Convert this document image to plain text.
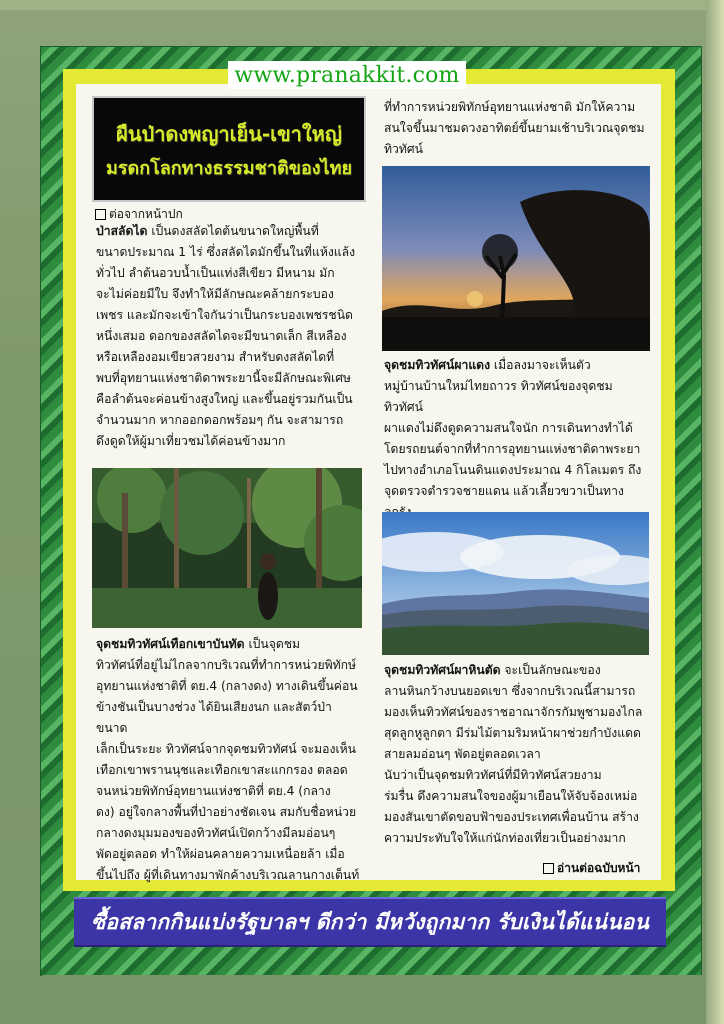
www.pranakkit.com
ผืนป่าดงพญาเย็น-เขาใหญ่
มรดกโลกทางธรรมชาติของไทย
ต่อจากหน้าปก
ป่าสลัดได เป็นดงสลัดไดต้นขนาดใหญ่พื้นที่
ขนาดประมาณ 1 ไร่ ซึ่งสลัดไดมักขึ้นในที่แห้งแล้ง
ทั่วไป ลำต้นอวบน้ำเป็นแท่งสีเขียว มีหนาม มัก
จะไม่ค่อยมีใบ จึงทำให้มีลักษณะคล้ายกระบอง
เพชร และมักจะเข้าใจกันว่าเป็นกระบองเพชรชนิด
หนึ่งเสมอ ดอกของสลัดไดจะมีขนาดเล็ก สีเหลือง
หรือเหลืองอมเขียวสวยงาม สำหรับดงสลัดไดที่
พบที่อุทยานแห่งชาติดาพระยานี้จะมีลักษณะพิเศษ
คือลำต้นจะค่อนข้างสูงใหญ่ และขึ้นอยู่รวมกันเป็น
จำนวนมาก หากออกดอกพร้อมๆ กัน จะสามารถ
ดึงดูดให้ผู้มาเที่ยวชมได้ค่อนข้างมาก
จุดชมทิวทัศน์เทือกเขาบันทัด เป็นจุดชม
ทิวทัศน์ที่อยู่ไม่ไกลจากบริเวณที่ทำการหน่วยพิทักษ์
อุทยานแห่งชาติที่ ตย.4 (กลางดง) ทางเดินขึ้นค่อน
ข้างชันเป็นบางช่วง ได้ยินเสียงนก และสัตว์ป่าขนาด
เล็กเป็นระยะ ทิวทัศน์จากจุดชมทิวทัศน์ จะมองเห็น
เทือกเขาพรานนุชและเทือกเขาสะแกกรอง ตลอด
จนหน่วยพิทักษ์อุทยานแห่งชาติที่ ตย.4 (กลาง
ดง) อยู่ใจกลางพื้นที่ป่าอย่างชัดเจน สมกับชื่อหน่วย
กลางดงมุมมองของทิวทัศน์เปิดกว้างมีลมอ่อนๆ
พัดอยู่ตลอด ทำให้ผ่อนคลายความเหนื่อยล้า เมื่อ
ขึ้นไปถึง ผู้ที่เดินทางมาพักค้างบริเวณลานกางเต็นท์
ที่ทำการหน่วยพิทักษ์อุทยานแห่งชาติ มักให้ความ
สนใจขึ้นมาชมดวงอาทิตย์ขึ้นยามเช้าบริเวณจุดชม
ทิวทัศน์
จุดชมทิวทัศน์ผาแดง เมื่อลงมาจะเห็นตัว
หมู่บ้านบ้านใหม่ไทยถาวร ทิวทัศน์ของจุดชมทิวทัศน์
ผาแดงไม่ดึงดูดความสนใจนัก การเดินทางทำได้
โดยรถยนต์จากที่ทำการอุทยานแห่งชาติดาพระยา
ไปทางอำเภอโนนดินแดงประมาณ 4 กิโลเมตร ถึง
จุดตรวจตำรวจชายแดน แล้วเลี้ยวขวาเป็นทาง

จุดชมทิวทัศน์ผาหินตัด จะเป็นลักษณะของ
ลานหินกว้างบนยอดเขา ซึ่งจากบริเวณนี้สามารถ
มองเห็นทิวทัศน์ของราชอาณาจักรกัมพูชามองไกล
สุดลูกหูลูกตา มีร่มไม้ตามริมหน้าผาช่วยกำบังแดด
สายลมอ่อนๆ พัดอยู่ตลอดเวลา
นับว่าเป็นจุดชมทิวทัศน์ที่มีทิวทัศน์สวยงาม
ร่มรื่น ดึงความสนใจของผู้มาเยือนให้จับจ้องเหม่อ
มองสันเขาตัดขอบฟ้าของประเทศเพื่อนบ้าน สร้าง
ความประทับใจให้แก่นักท่องเที่ยวเป็นอย่างมาก
อ่านต่อฉบับหน้า
ซื้อสลากกินแบ่งรัฐบาลฯ ดีกว่า มีหวังถูกมาก รับเงินได้แน่นอน
